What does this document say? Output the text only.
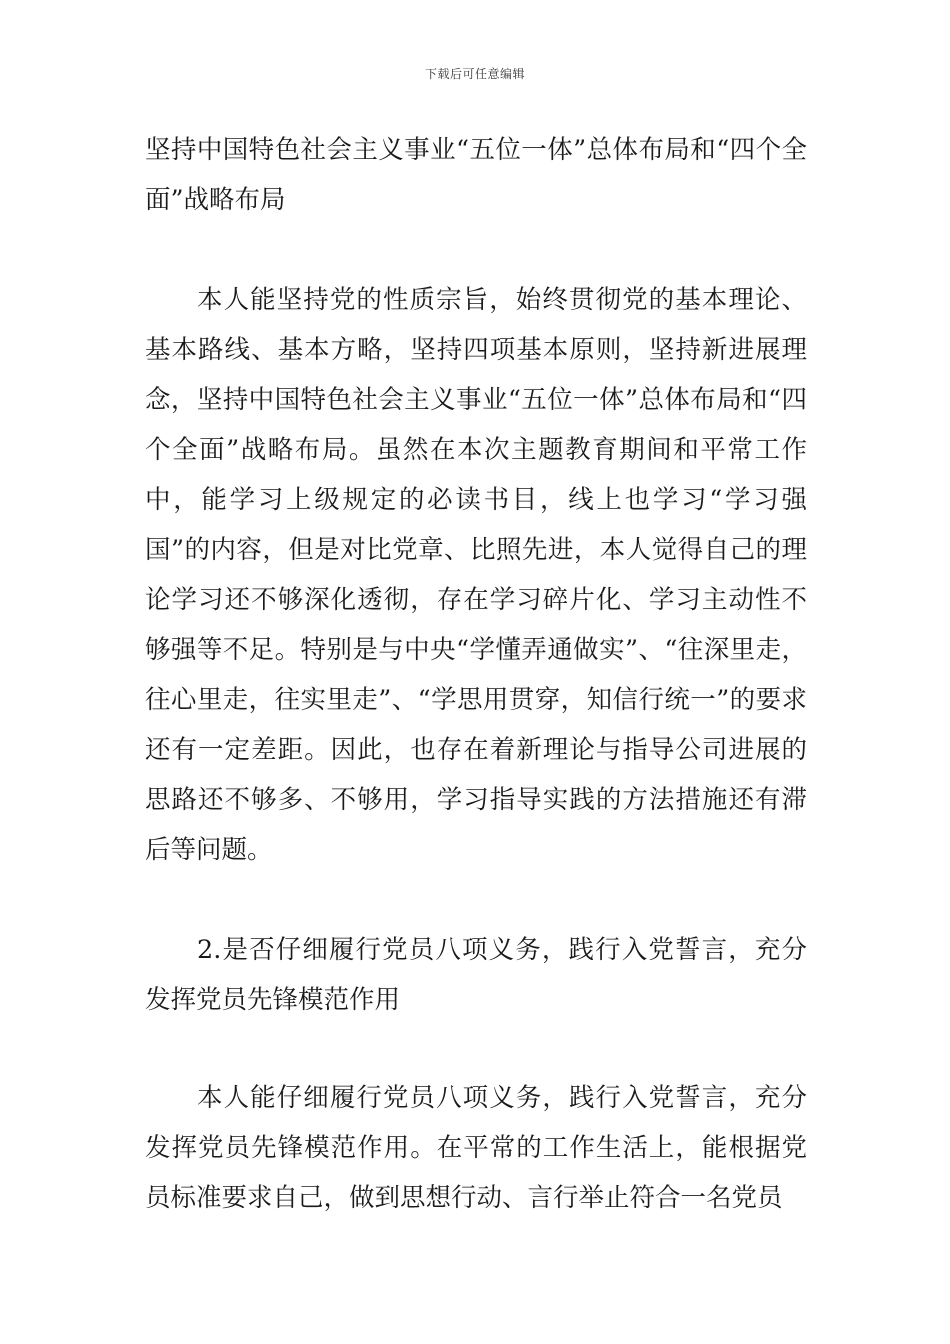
下载后可任意编辑

坚持中国特色社会主义事业“五位一体”总体布局和“四个全面”战略布局

本人能坚持党的性质宗旨，始终贯彻党的基本理论、基本路线、基本方略，坚持四项基本原则，坚持新进展理念，坚持中国特色社会主义事业“五位一体”总体布局和“四个全面”战略布局。虽然在本次主题教育期间和平常工作中，能学习上级规定的必读书目，线上也学习“学习强国”的内容，但是对比党章、比照先进，本人觉得自己的理论学习还不够深化透彻，存在学习碎片化、学习主动性不够强等不足。特别是与中央“学懂弄通做实”、“往深里走，往心里走，往实里走”、“学思用贯穿，知信行统一”的要求还有一定差距。因此，也存在着新理论与指导公司进展的思路还不够多、不够用，学习指导实践的方法措施还有滞后等问题。

2.是否仔细履行党员八项义务，践行入党誓言，充分发挥党员先锋模范作用

本人能仔细履行党员八项义务，践行入党誓言，充分发挥党员先锋模范作用。在平常的工作生活上，能根据党员标准要求自己，做到思想行动、言行举止符合一名党员
